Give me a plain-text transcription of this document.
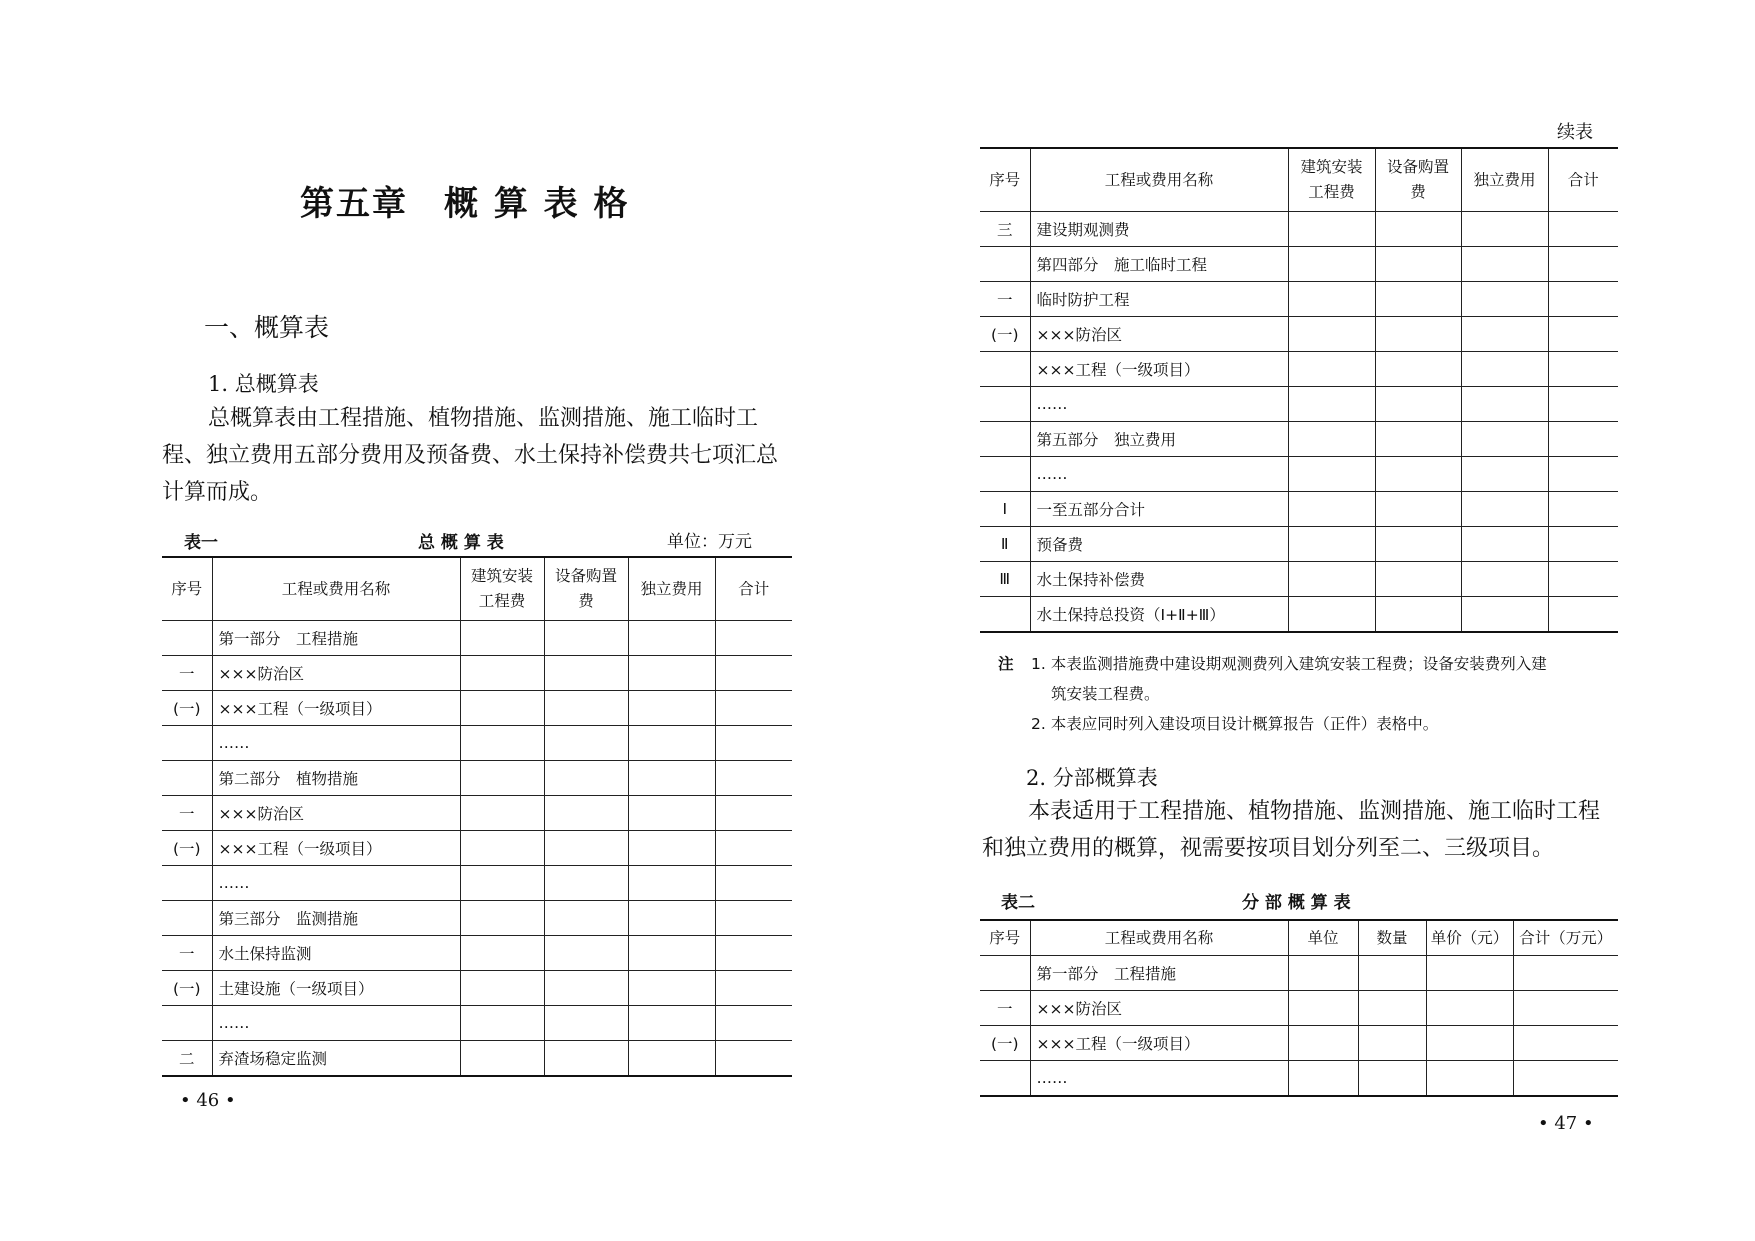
第五章　概 算 表 格
一、概算表
1. 总概算表
总概算表由工程措施、植物措施、监测措施、施工临时工
程、独立费用五部分费用及预备费、水土保持补偿费共七项汇总
计算而成。
表一	总 概 算 表	单位：万元
序号	工程或费用名称	建筑安装工程费	设备购置费	独立费用	合计
	第一部分　工程措施				
一	×××防治区				
(一)	×××工程（一级项目）				
	……				
	第二部分　植物措施				
一	×××防治区				
(一)	×××工程（一级项目）				
	……				
	第三部分　监测措施				
一	水土保持监测				
(一)	土建设施（一级项目）				
	……				
二	弃渣场稳定监测				
• 46 •
续表
序号	工程或费用名称	建筑安装工程费	设备购置费	独立费用	合计
三	建设期观测费				
	第四部分　施工临时工程				
一	临时防护工程				
(一)	×××防治区				
	×××工程（一级项目）				
	……				
	第五部分　独立费用				
	……				
Ⅰ	一至五部分合计				
Ⅱ	预备费				
Ⅲ	水土保持补偿费				
	水土保持总投资（Ⅰ+Ⅱ+Ⅲ）				
注 1. 本表监测措施费中建设期观测费列入建筑安装工程费；设备安装费列入建
筑安装工程费。
2. 本表应同时列入建设项目设计概算报告（正件）表格中。
2. 分部概算表
本表适用于工程措施、植物措施、监测措施、施工临时工程
和独立费用的概算，视需要按项目划分列至二、三级项目。
表二	分 部 概 算 表
序号	工程或费用名称	单位	数量	单价（元）	合计（万元）
	第一部分　工程措施				
一	×××防治区				
(一)	×××工程（一级项目）				
	……				
• 47 •
